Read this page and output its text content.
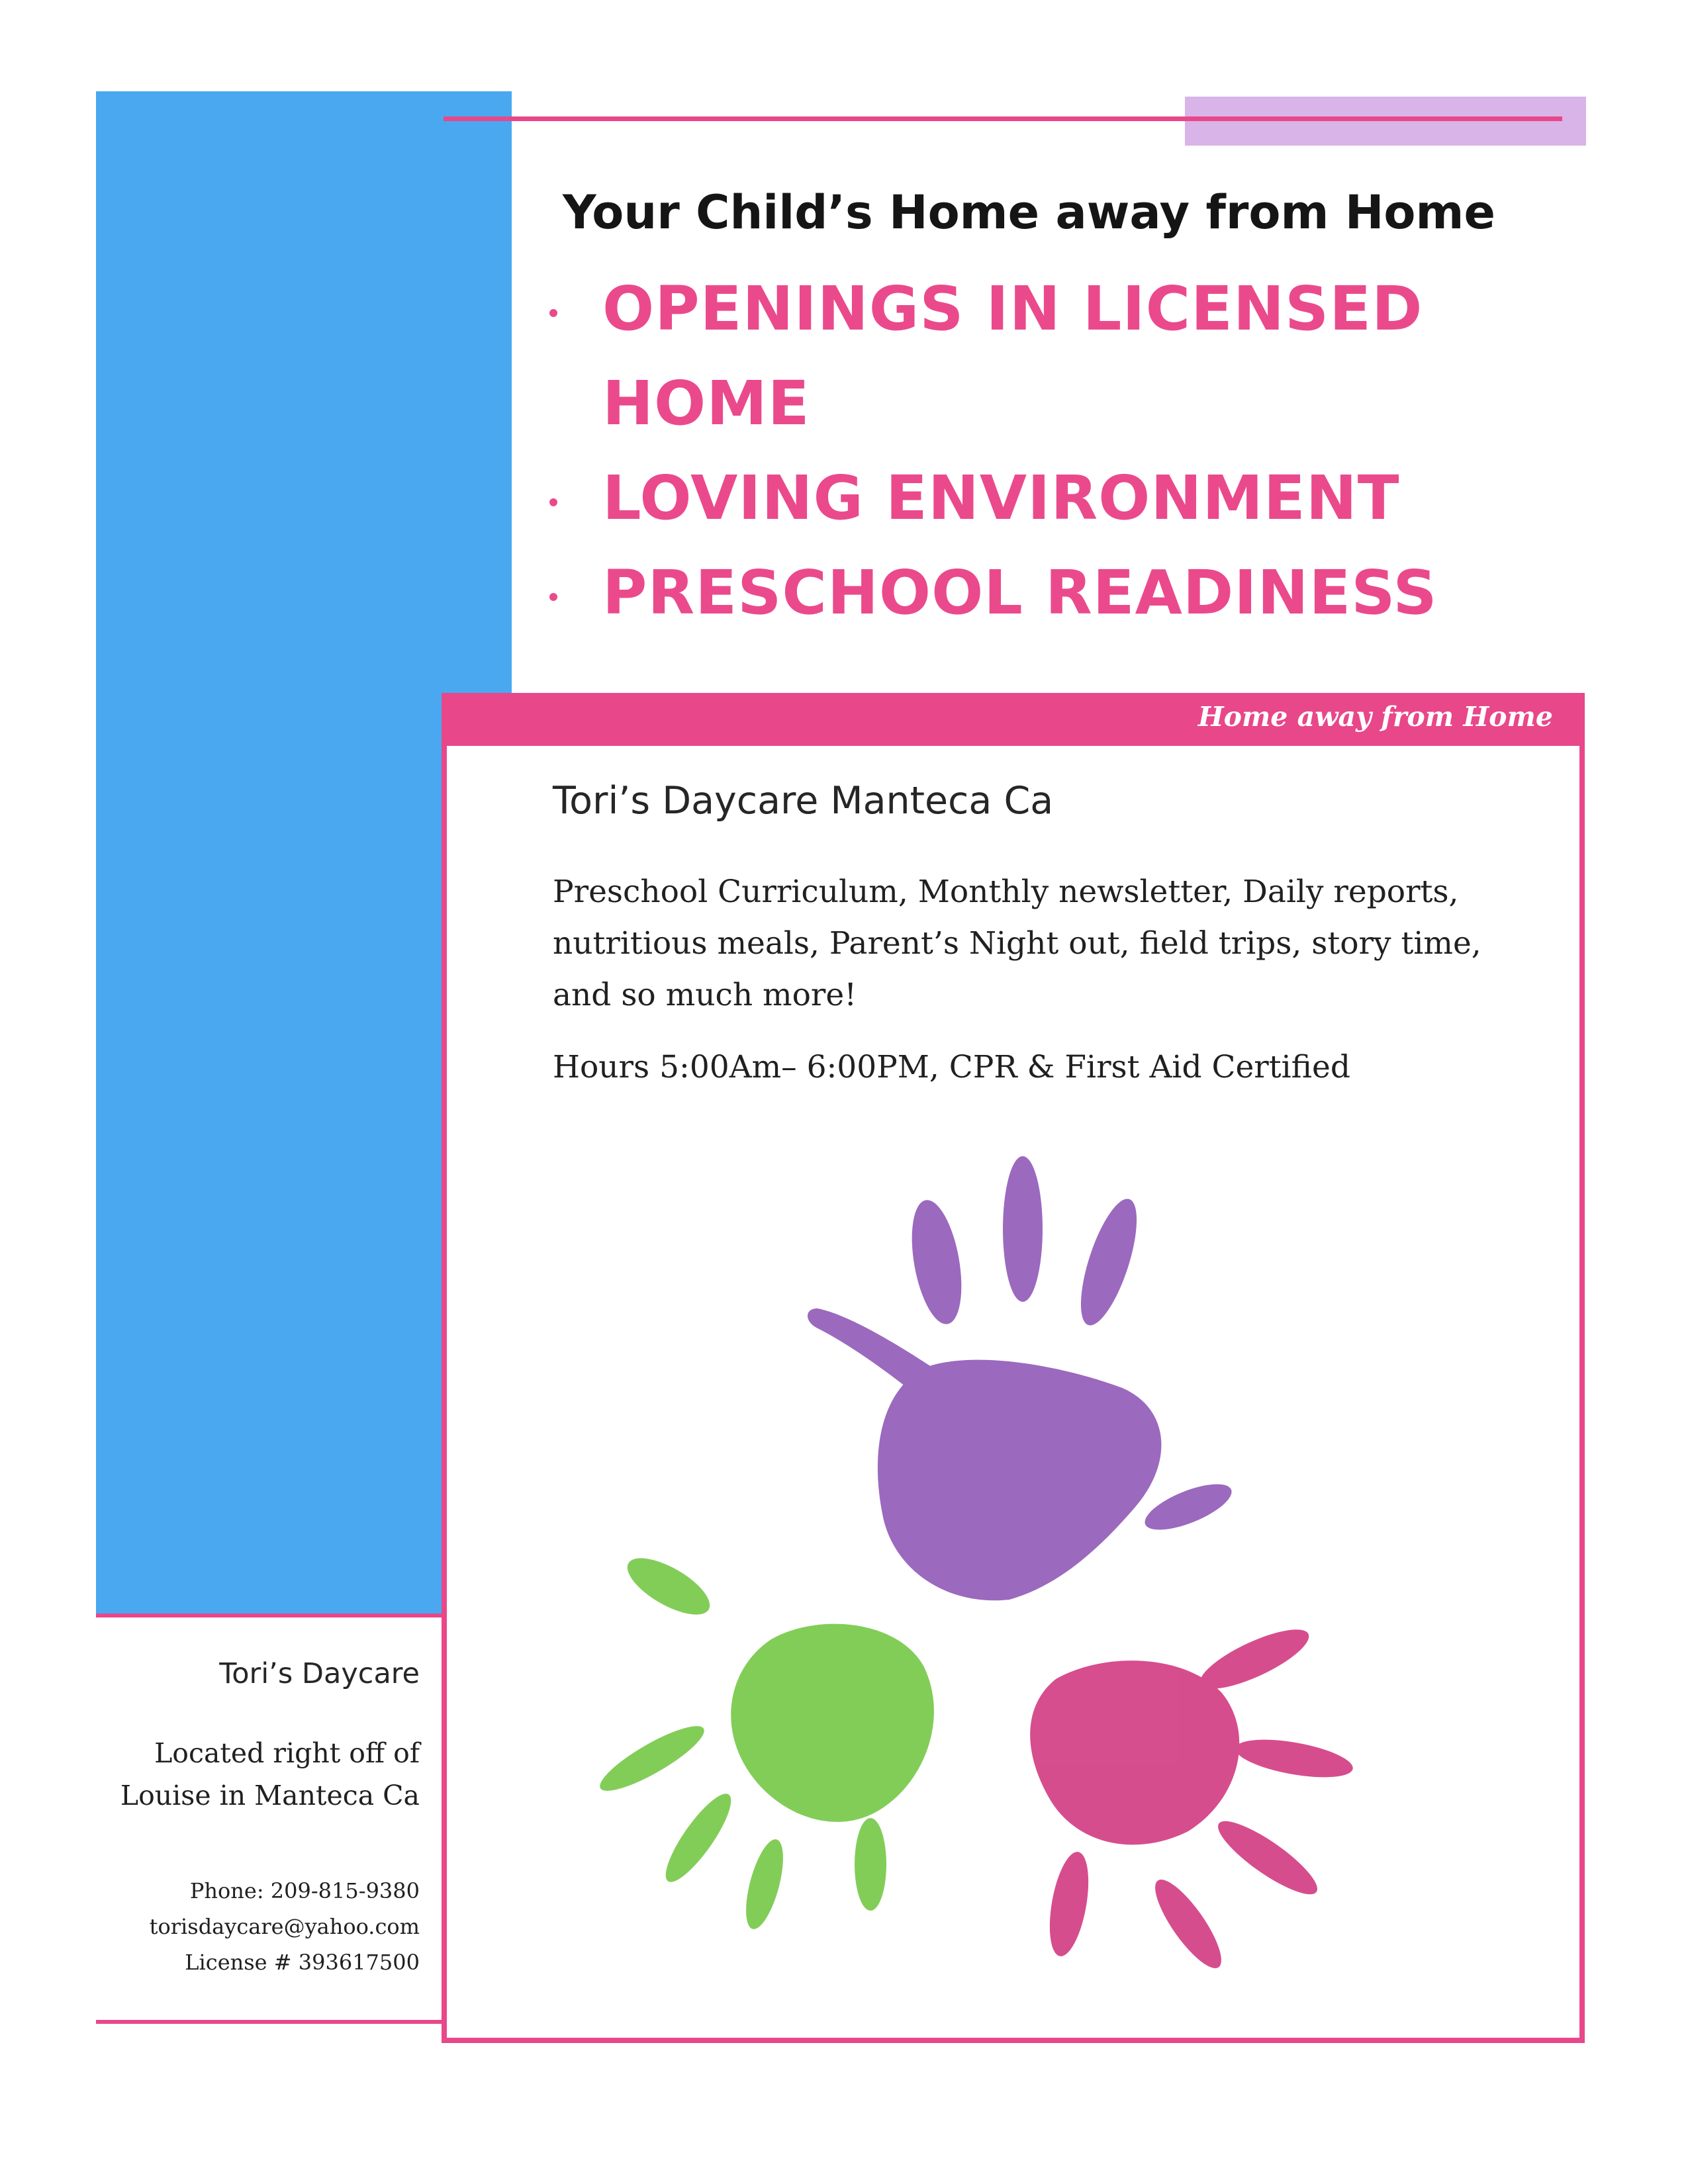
Your Child’s Home away from Home
OPENINGS IN LICENSED
HOME
LOVING ENVIRONMENT
PRESCHOOL READINESS
Home away from Home
Tori’s Daycare Manteca Ca

Preschool Curriculum, Monthly newsletter, Daily reports,
nutritious meals, Parent’s Night out, field trips, story time,
and so much more!

Hours 5:00Am– 6:00PM, CPR & First Aid Certified

Tori’s Daycare
Located right off of
Louise in Manteca Ca
Phone: 209-815-9380
torisdaycare@yahoo.com
License # 393617500
